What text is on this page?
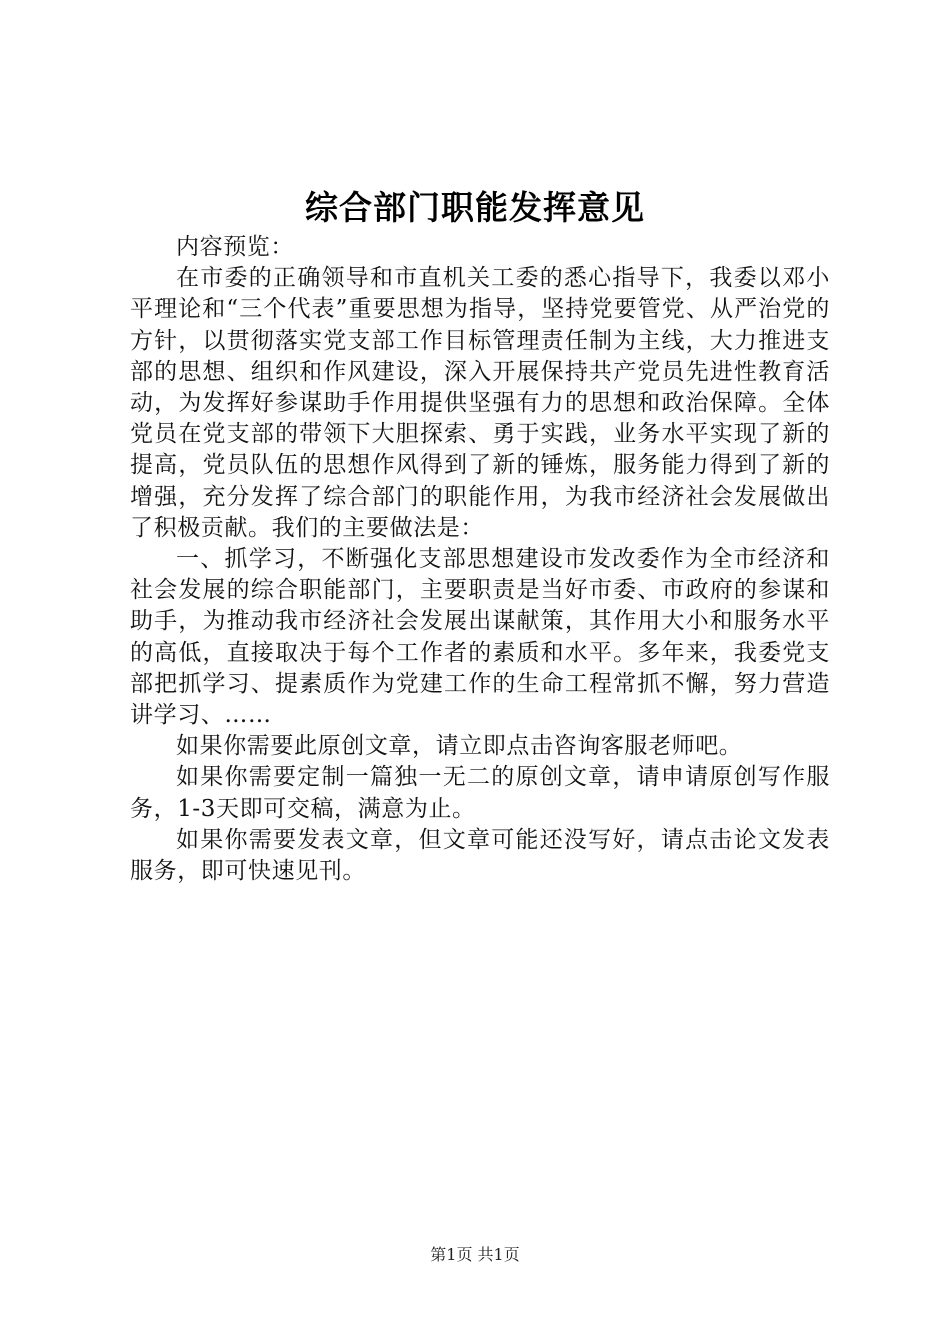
综合部门职能发挥意见

内容预览：

在市委的正确领导和市直机关工委的悉心指导下，我委以邓小平理论和“三个代表”重要思想为指导，坚持党要管党、从严治党的方针，以贯彻落实党支部工作目标管理责任制为主线，大力推进支部的思想、组织和作风建设，深入开展保持共产党员先进性教育活动，为发挥好参谋助手作用提供坚强有力的思想和政治保障。全体党员在党支部的带领下大胆探索、勇于实践，业务水平实现了新的提高，党员队伍的思想作风得到了新的锤炼，服务能力得到了新的增强，充分发挥了综合部门的职能作用，为我市经济社会发展做出了积极贡献。我们的主要做法是：

一、抓学习，不断强化支部思想建设市发改委作为全市经济和社会发展的综合职能部门，主要职责是当好市委、市政府的参谋和助手，为推动我市经济社会发展出谋献策，其作用大小和服务水平的高低，直接取决于每个工作者的素质和水平。多年来，我委党支部把抓学习、提素质作为党建工作的生命工程常抓不懈，努力营造讲学习、……

如果你需要此原创文章，请立即点击咨询客服老师吧。

如果你需要定制一篇独一无二的原创文章，请申请原创写作服务，1-3天即可交稿，满意为止。

如果你需要发表文章，但文章可能还没写好，请点击论文发表服务，即可快速见刊。

第1页 共1页
